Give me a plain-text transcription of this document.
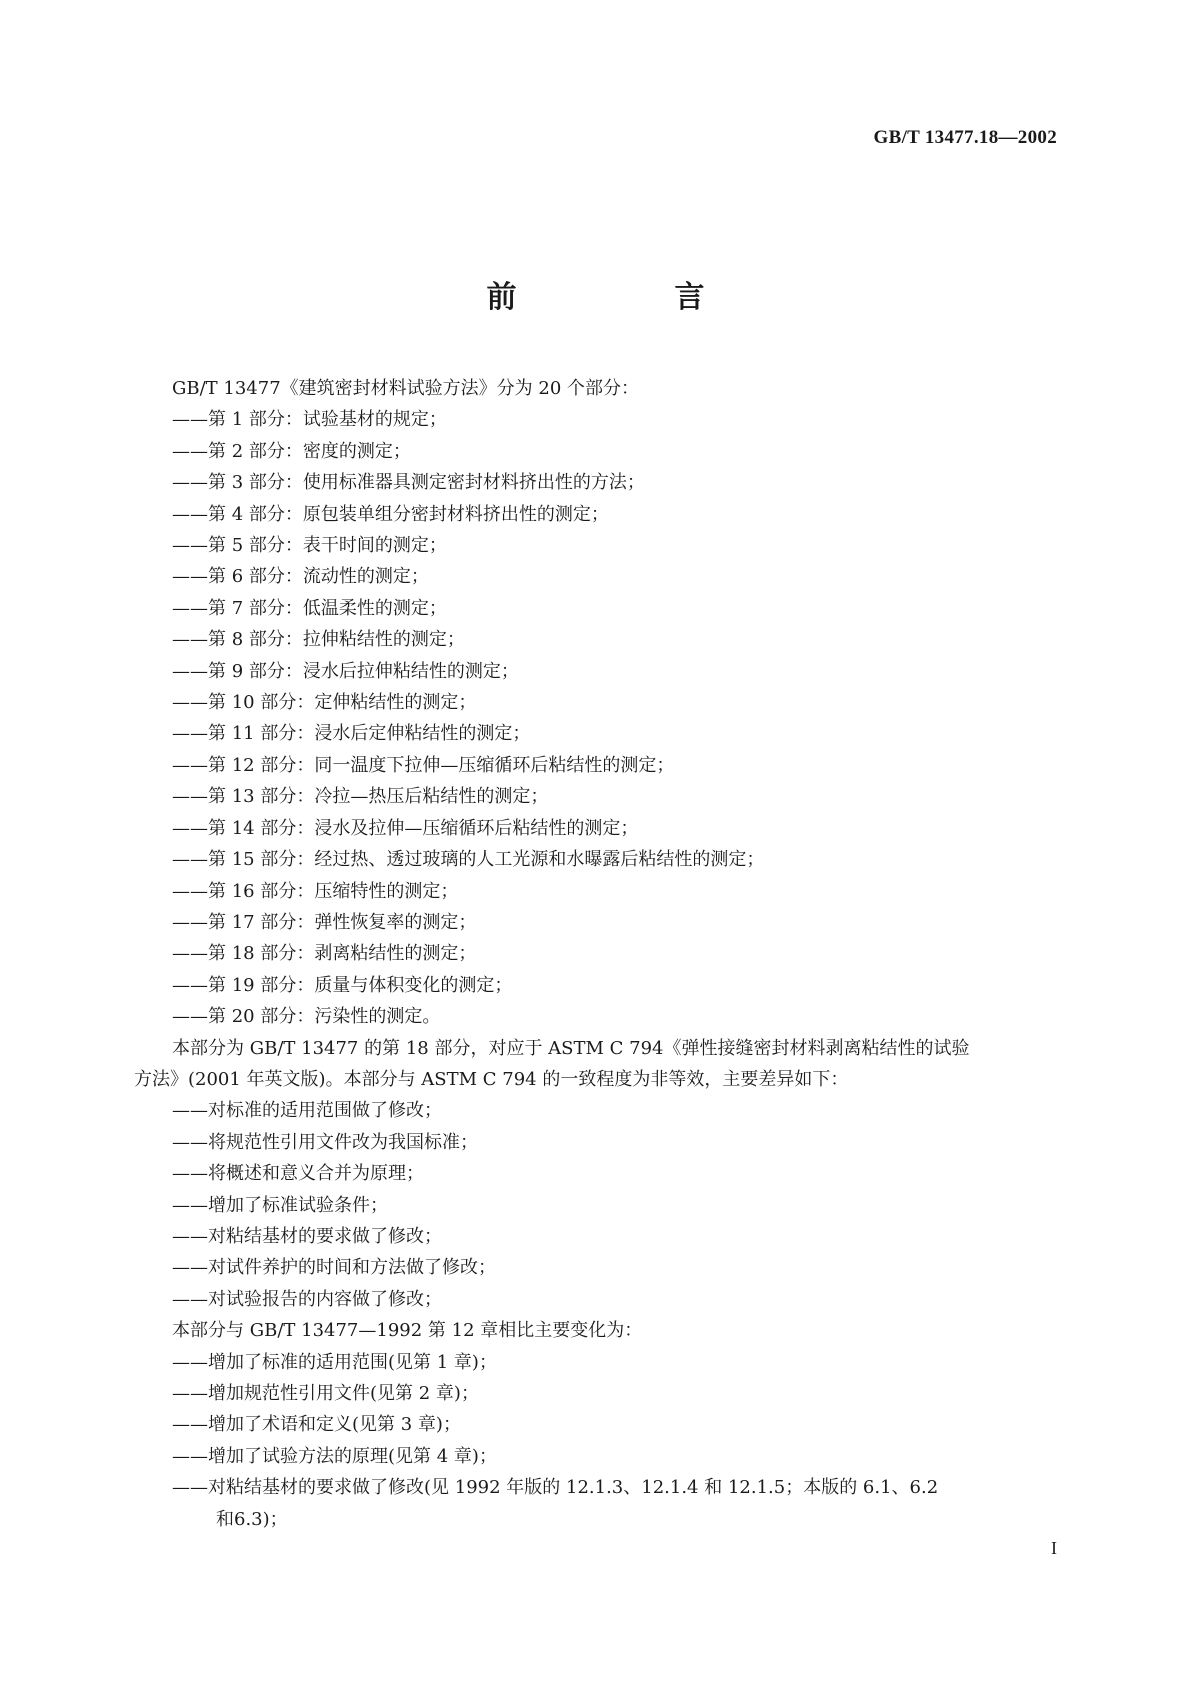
GB/T 13477.18—2002
前　言
GB/T 13477《建筑密封材料试验方法》分为 20 个部分：
——第 1 部分：试验基材的规定；
——第 2 部分：密度的测定；
——第 3 部分：使用标准器具测定密封材料挤出性的方法；
——第 4 部分：原包装单组分密封材料挤出性的测定；
——第 5 部分：表干时间的测定；
——第 6 部分：流动性的测定；
——第 7 部分：低温柔性的测定；
——第 8 部分：拉伸粘结性的测定；
——第 9 部分：浸水后拉伸粘结性的测定；
——第 10 部分：定伸粘结性的测定；
——第 11 部分：浸水后定伸粘结性的测定；
——第 12 部分：同一温度下拉伸—压缩循环后粘结性的测定；
——第 13 部分：冷拉—热压后粘结性的测定；
——第 14 部分：浸水及拉伸—压缩循环后粘结性的测定；
——第 15 部分：经过热、透过玻璃的人工光源和水曝露后粘结性的测定；
——第 16 部分：压缩特性的测定；
——第 17 部分：弹性恢复率的测定；
——第 18 部分：剥离粘结性的测定；
——第 19 部分：质量与体积变化的测定；
——第 20 部分：污染性的测定。
本部分为 GB/T 13477 的第 18 部分，对应于 ASTM C 794《弹性接缝密封材料剥离粘结性的试验
方法》(2001 年英文版)。本部分与 ASTM C 794 的一致程度为非等效，主要差异如下：
——对标准的适用范围做了修改；
——将规范性引用文件改为我国标准；
——将概述和意义合并为原理；
——增加了标准试验条件；
——对粘结基材的要求做了修改；
——对试件养护的时间和方法做了修改；
——对试验报告的内容做了修改；
本部分与 GB/T 13477—1992 第 12 章相比主要变化为：
——增加了标准的适用范围(见第 1 章)；
——增加规范性引用文件(见第 2 章)；
——增加了术语和定义(见第 3 章)；
——增加了试验方法的原理(见第 4 章)；
——对粘结基材的要求做了修改(见 1992 年版的 12.1.3、12.1.4 和 12.1.5；本版的 6.1、6.2
和6.3)；
I
